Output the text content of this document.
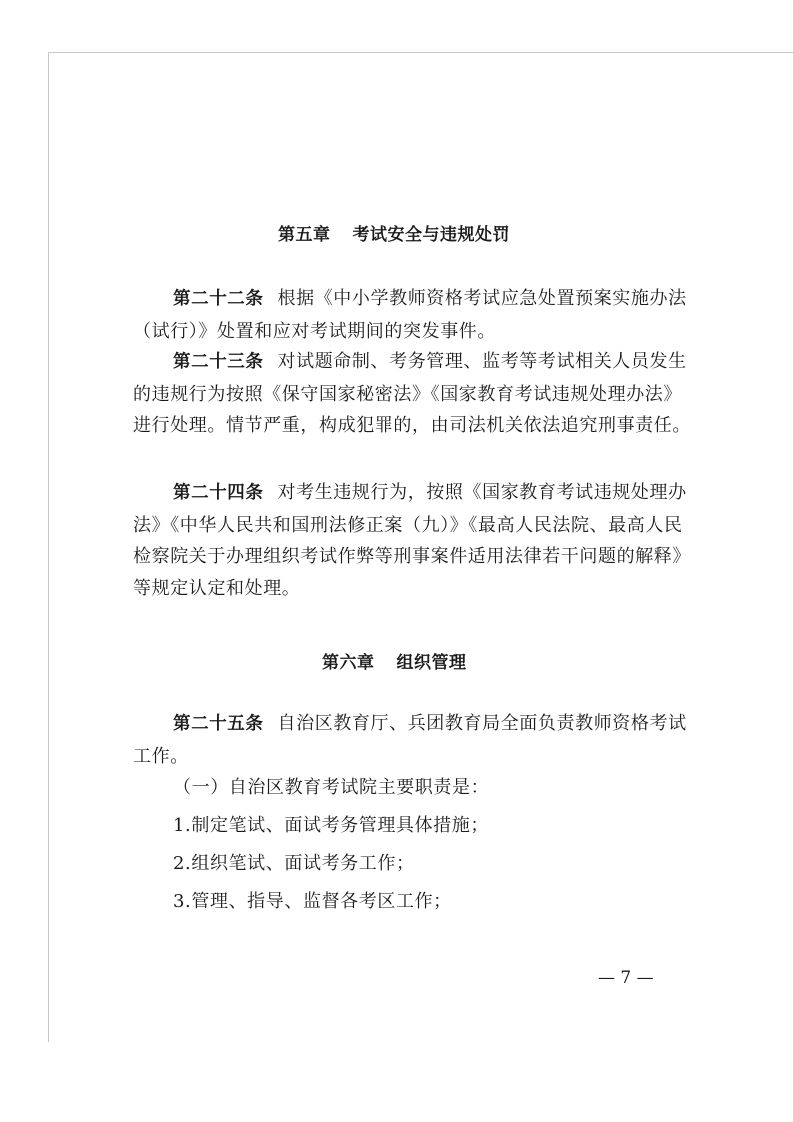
第五章 考试安全与违规处罚
第二十二条 根据《中小学教师资格考试应急处置预案实施办法（试行）》处置和应对考试期间的突发事件。
第二十三条 对试题命制、考务管理、监考等考试相关人员发生的违规行为按照《保守国家秘密法》《国家教育考试违规处理办法》进行处理。情节严重，构成犯罪的，由司法机关依法追究刑事责任。
第二十四条 对考生违规行为，按照《国家教育考试违规处理办法》《中华人民共和国刑法修正案（九）》《最高人民法院、最高人民检察院关于办理组织考试作弊等刑事案件适用法律若干问题的解释》等规定认定和处理。
第六章 组织管理
第二十五条 自治区教育厅、兵团教育局全面负责教师资格考试工作。
（一）自治区教育考试院主要职责是：
1.制定笔试、面试考务管理具体措施；
2.组织笔试、面试考务工作；
3.管理、指导、监督各考区工作；
— 7 —
